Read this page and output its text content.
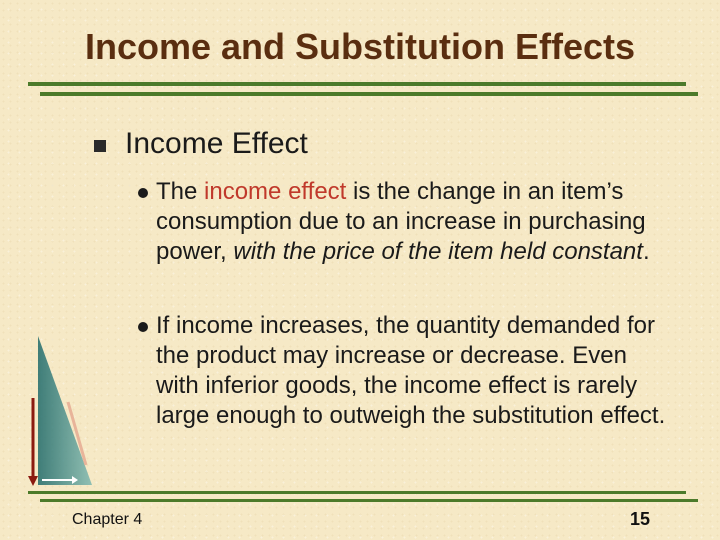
Income and Substitution Effects
Income Effect
The income effect is the change in an item’s consumption due to an increase in purchasing power, with the price of the item held constant.
If income increases, the quantity demanded for the product may increase or decrease. Even with inferior goods, the income effect is rarely large enough to outweigh the substitution effect.
Chapter 4	15
